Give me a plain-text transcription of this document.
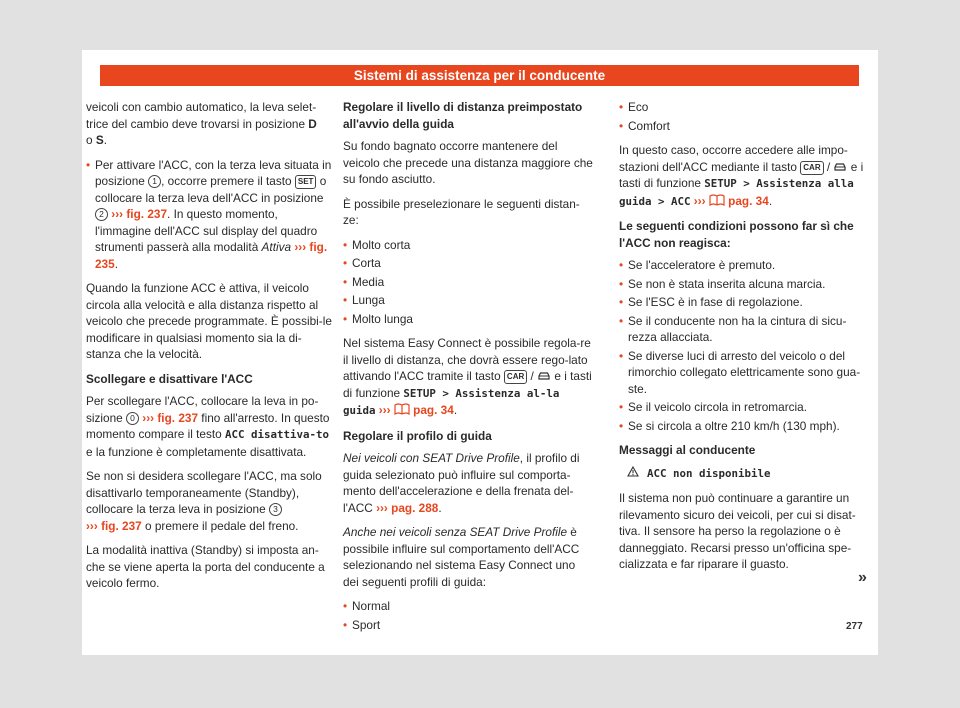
Sistemi di assistenza per il conducente

veicoli con cambio automatico, la leva selet-trice del cambio deve trovarsi in posizione D
o S.

• Per attivare l'ACC, con la terza leva situata in posizione 1 , occorre premere il tasto SET o collocare la terza leva dell'ACC in posizione 2 ››› fig. 237. In questo momento, l'immagine dell'ACC sul display del quadro strumenti passerà alla modalità Attiva ››› fig. 235.

Quando la funzione ACC è attiva, il veicolo circola alla velocità e alla distanza rispetto al veicolo che precede programmate. È possibi-le modificare in qualsiasi momento sia la di-stanza che la velocità.

Scollegare e disattivare l'ACC

Per scollegare l'ACC, collocare la leva in po-sizione 0 ››› fig. 237 fino all'arresto. In questo momento compare il testo ACC disattiva-to e la funzione è completamente disattivata.

Se non si desidera scollegare l'ACC, ma solo disattivarlo temporaneamente (Standby), collocare la terza leva in posizione 3
››› fig. 237 o premere il pedale del freno.

La modalità inattiva (Standby) si imposta an-che se viene aperta la porta del conducente a veicolo fermo.

Regolare il livello di distanza preimpostato all'avvio della guida

Su fondo bagnato occorre mantenere del veicolo che precede una distanza maggiore che su fondo asciutto.

È possibile preselezionare le seguenti distan-ze:

• Molto corta
• Corta
• Media
• Lunga
• Molto lunga

Nel sistema Easy Connect è possibile regola-re il livello di distanza, che dovrà essere rego-lato attivando l'ACC tramite il tasto CAR /  e i tasti di funzione SETUP > Assistenza al-la guida ››› pag. 34.

Regolare il profilo di guida

Nei veicoli con SEAT Drive Profile, il profilo di guida selezionato può influire sul comporta-mento dell'accelerazione e della frenata del-l'ACC ››› pag. 288.

Anche nei veicoli senza SEAT Drive Profile è possibile influire sul comportamento dell'ACC selezionando nel sistema Easy Connect uno dei seguenti profili di guida:

• Normal
• Sport
• Eco
• Comfort

In questo caso, occorre accedere alle impo-stazioni dell'ACC mediante il tasto CAR /  e i tasti di funzione SETUP > Assistenza alla guida > ACC ››› pag. 34.

Le seguenti condizioni possono far sì che l'ACC non reagisca:
• Se l'acceleratore è premuto.
• Se non è stata inserita alcuna marcia.
• Se l'ESC è in fase di regolazione.
• Se il conducente non ha la cintura di sicu-rezza allacciata.
• Se diverse luci di arresto del veicolo o del rimorchio collegato elettricamente sono gua-ste.
• Se il veicolo circola in retromarcia.
• Se si circola a oltre 210 km/h (130 mph).
Messaggi al conducente

ACC non disponibile

Il sistema non può continuare a garantire un rilevamento sicuro dei veicoli, per cui si disat-tiva. Il sensore ha perso la regolazione o è danneggiato. Recarsi presso un'officina spe-cializzata e far riparare il guasto.

»
277
